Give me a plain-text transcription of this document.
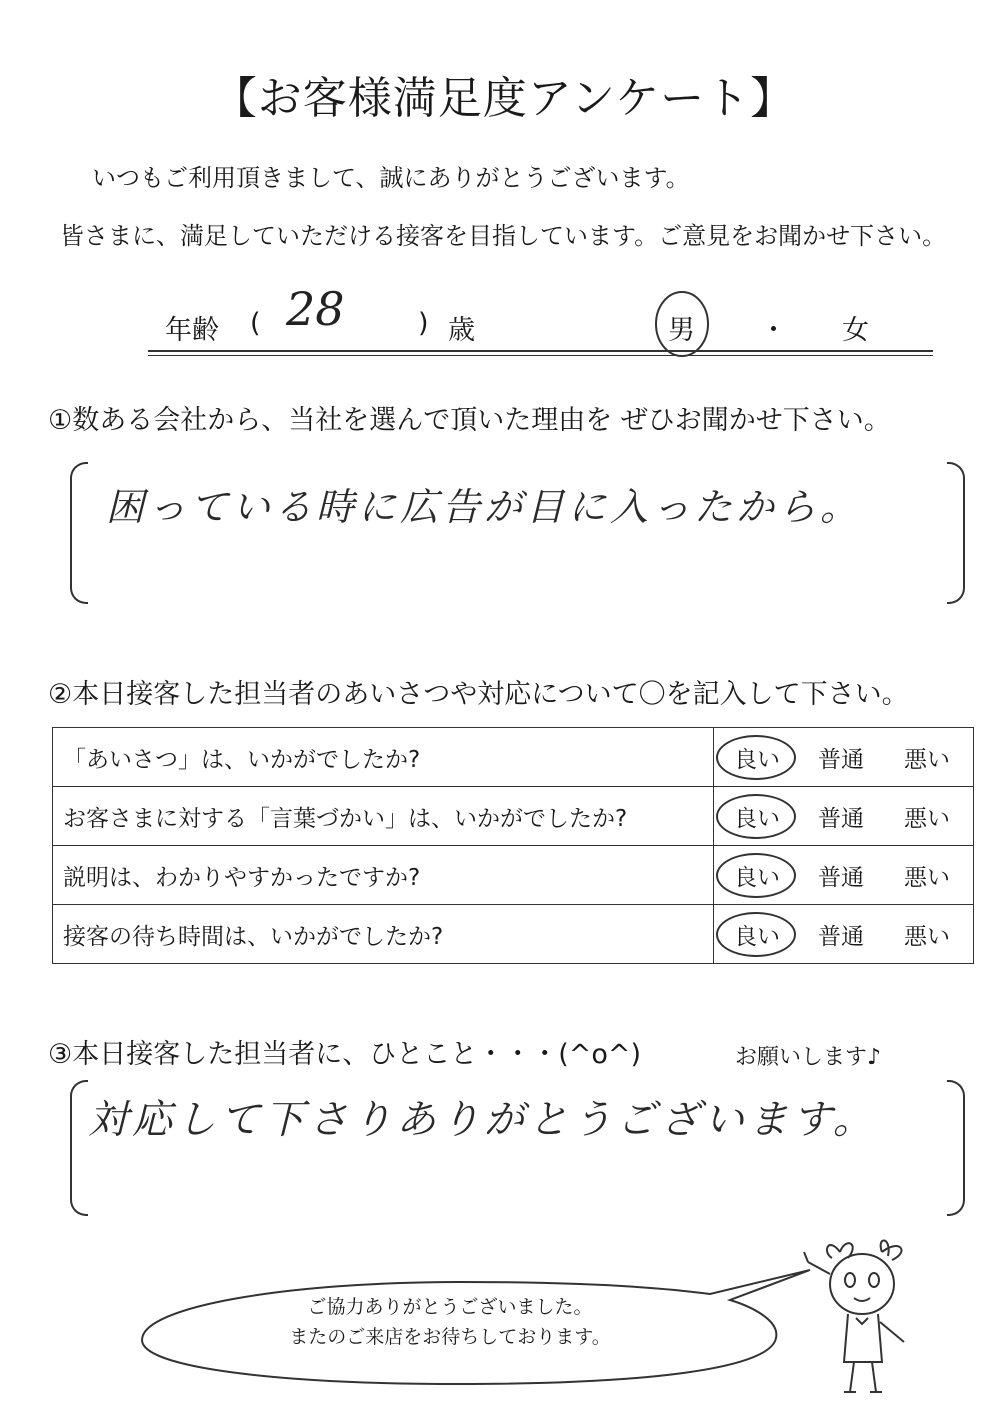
【お客様満足度アンケート】
いつもご利用頂きまして、誠にありがとうございます。
皆さまに、満足していただける接客を目指しています。ご意見をお聞かせ下さい。
年齢 ( 28	) 歳	男 ・ 女
①数ある会社から、当社を選んで頂いた理由を ぜひお聞かせ下さい。
困っている時に広告が目に入ったから。
②本日接客した担当者のあいさつや対応について〇を記入して下さい。
「あいさつ」は、いかがでしたか?	良い 普通 悪い
お客さまに対する「言葉づかい」は、いかがでしたか?	良い 普通 悪い
説明は、わかりやすかったですか?	良い 普通 悪い
接客の待ち時間は、いかがでしたか?	良い 普通 悪い
③本日接客した担当者に、ひとこと・・・(^o^)	お願いします♪
対応して下さりありがとうございます。
ご協力ありがとうございました。
またのご来店をお待ちしております。
